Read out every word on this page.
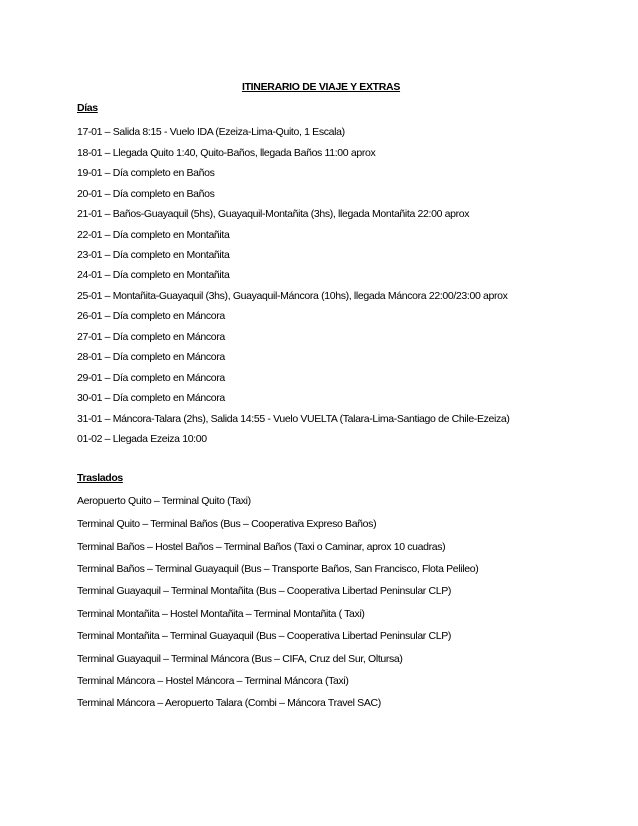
ITINERARIO DE VIAJE Y EXTRAS
Días
17-01 – Salida 8:15 - Vuelo IDA (Ezeiza-Lima-Quito, 1 Escala)
18-01 – Llegada Quito 1:40, Quito-Baños, llegada Baños 11:00 aprox
19-01 – Día completo en Baños
20-01 – Día completo en Baños
21-01 – Baños-Guayaquil (5hs), Guayaquil-Montañita (3hs), llegada Montañita 22:00 aprox
22-01 – Día completo en Montañita
23-01 – Día completo en Montañita
24-01 – Día completo en Montañita
25-01 – Montañita-Guayaquil (3hs), Guayaquil-Máncora (10hs), llegada Máncora 22:00/23:00 aprox
26-01 – Día completo en Máncora
27-01 – Día completo en Máncora
28-01 – Día completo en Máncora
29-01 – Día completo en Máncora
30-01 – Día completo en Máncora
31-01 – Máncora-Talara (2hs), Salida 14:55 - Vuelo VUELTA (Talara-Lima-Santiago de Chile-Ezeiza)
01-02 – Llegada Ezeiza 10:00
Traslados
Aeropuerto Quito – Terminal Quito (Taxi)
Terminal Quito – Terminal Baños (Bus – Cooperativa Expreso Baños)
Terminal Baños – Hostel Baños – Terminal Baños (Taxi o Caminar, aprox 10 cuadras)
Terminal Baños – Terminal Guayaquil (Bus – Transporte Baños, San Francisco, Flota Pelileo)
Terminal Guayaquil – Terminal Montañita (Bus – Cooperativa Libertad Peninsular CLP)
Terminal Montañita – Hostel Montañita – Terminal Montañita ( Taxi)
Terminal Montañita – Terminal Guayaquil (Bus – Cooperativa Libertad Peninsular CLP)
Terminal Guayaquil – Terminal Máncora (Bus – CIFA, Cruz del Sur, Oltursa)
Terminal Máncora – Hostel Máncora – Terminal Máncora (Taxi)
Terminal Máncora – Aeropuerto Talara (Combi – Máncora Travel SAC)
